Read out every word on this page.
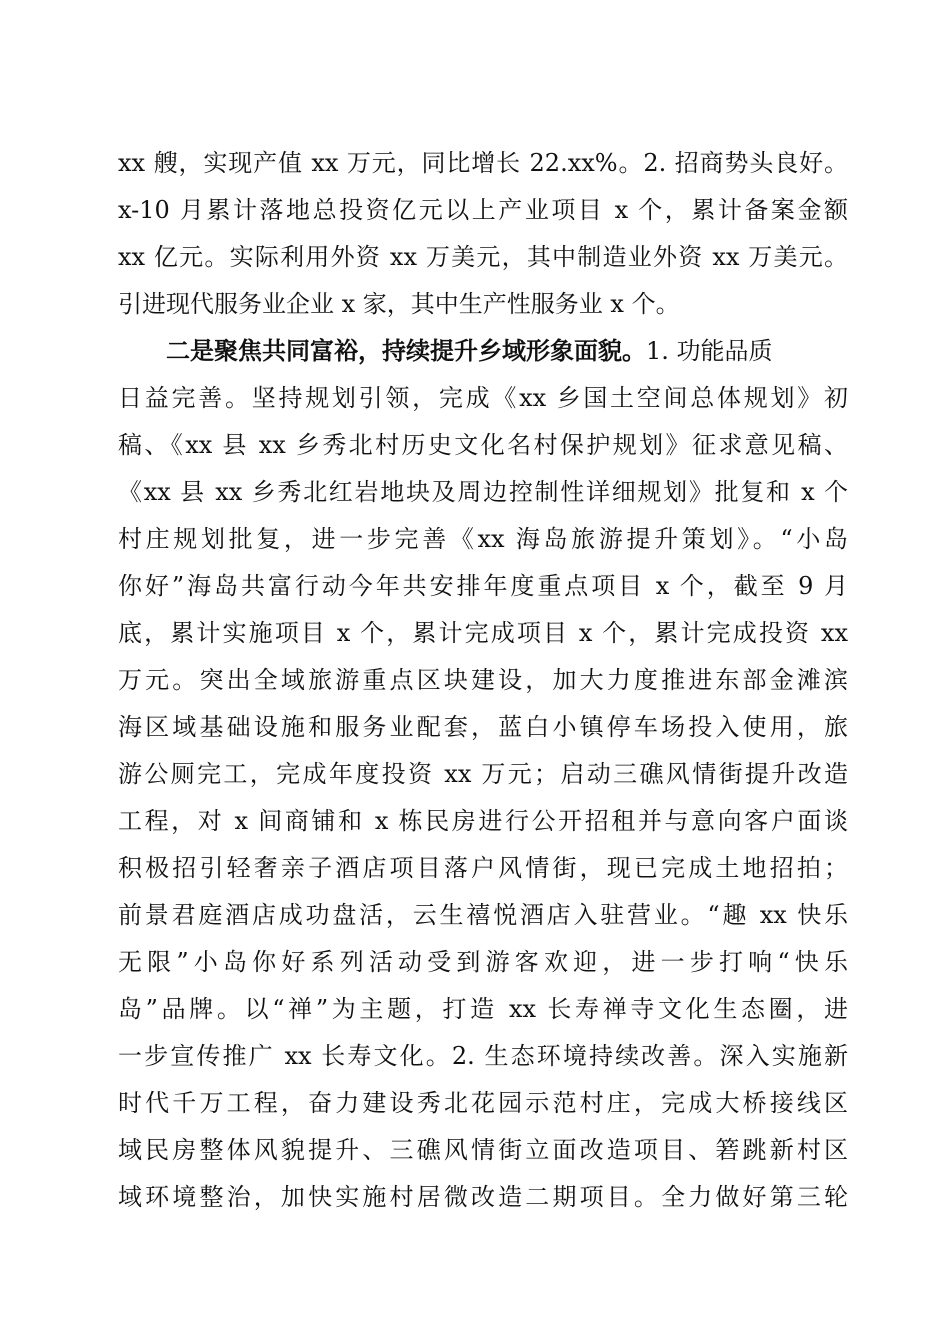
xx 艘，实现产值 xx 万元，同比增长 22.xx%。2. 招商势头良好。
x-10 月累计落地总投资亿元以上产业项目 x 个，累计备案金额
xx 亿元。实际利用外资 xx 万美元，其中制造业外资 xx 万美元。
引进现代服务业企业 x 家，其中生产性服务业 x 个。
二是聚焦共同富裕，持续提升乡域形象面貌。1. 功能品质
日益完善。坚持规划引领，完成《xx 乡国土空间总体规划》初
稿、《xx 县 xx 乡秀北村历史文化名村保护规划》征求意见稿、
《xx 县 xx 乡秀北红岩地块及周边控制性详细规划》批复和 x 个
村庄规划批复，进一步完善《xx 海岛旅游提升策划》。“小岛
你好”海岛共富行动今年共安排年度重点项目 x 个，截至 9 月
底，累计实施项目 x 个，累计完成项目 x 个，累计完成投资 xx
万元。突出全域旅游重点区块建设，加大力度推进东部金滩滨
海区域基础设施和服务业配套，蓝白小镇停车场投入使用，旅
游公厕完工，完成年度投资 xx 万元；启动三礁风情街提升改造
工程，对 x 间商铺和 x 栋民房进行公开招租并与意向客户面谈
积极招引轻奢亲子酒店项目落户风情街，现已完成土地招拍；
前景君庭酒店成功盘活，云生禧悦酒店入驻营业。“趣 xx 快乐
无限”小岛你好系列活动受到游客欢迎，进一步打响“快乐
岛”品牌。以“禅”为主题，打造 xx 长寿禅寺文化生态圈，进
一步宣传推广 xx 长寿文化。2. 生态环境持续改善。深入实施新
时代千万工程，奋力建设秀北花园示范村庄，完成大桥接线区
域民房整体风貌提升、三礁风情街立面改造项目、箬跳新村区
域环境整治，加快实施村居微改造二期项目。全力做好第三轮
